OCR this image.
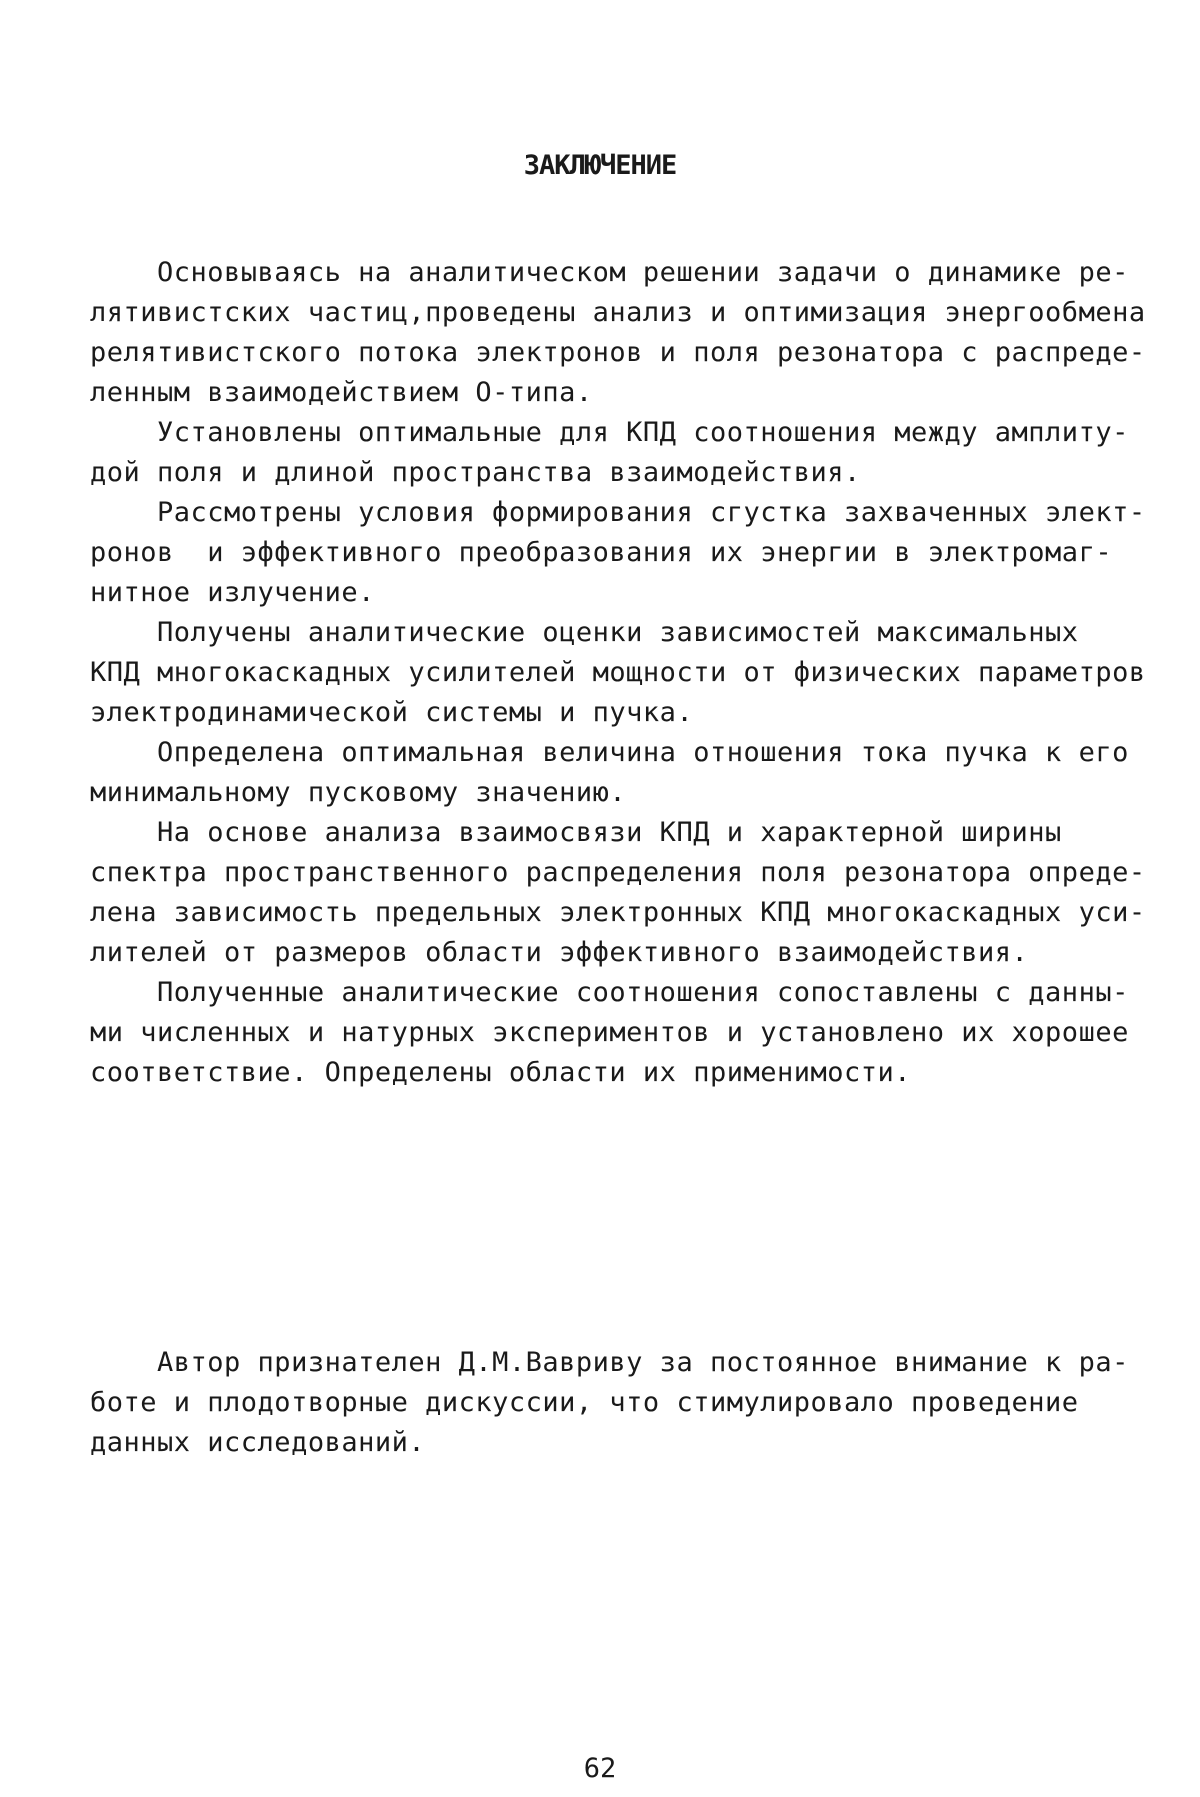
ЗАКЛЮЧЕНИЕ
Основываясь на аналитическом решении задачи о динамике ре-
лятивистских частиц,проведены анализ и оптимизация энергообмена
релятивистского потока электронов и поля резонатора с распреде-
ленным взаимодействием О-типа.
Установлены оптимальные для КПД соотношения между амплиту-
дой поля и длиной пространства взаимодействия.
Рассмотрены условия формирования сгустка захваченных элект-
ронов  и эффективного преобразования их энергии в электромаг-
нитное излучение.
Получены аналитические оценки зависимостей максимальных
КПД многокаскадных усилителей мощности от физических параметров
электродинамической системы и пучка.
Определена оптимальная величина отношения тока пучка к его
минимальному пусковому значению.
На основе анализа взаимосвязи КПД и характерной ширины
спектра пространственного распределения поля резонатора опреде-
лена зависимость предельных электронных КПД многокаскадных уси-
лителей от размеров области эффективного взаимодействия.
Полученные аналитические соотношения сопоставлены с данны-
ми численных и натурных экспериментов и установлено их хорошее
соответствие. Определены области их применимости.
Автор признателен Д.М.Вавриву за постоянное внимание к ра-
боте и плодотворные дискуссии, что стимулировало проведение
данных исследований.
62
